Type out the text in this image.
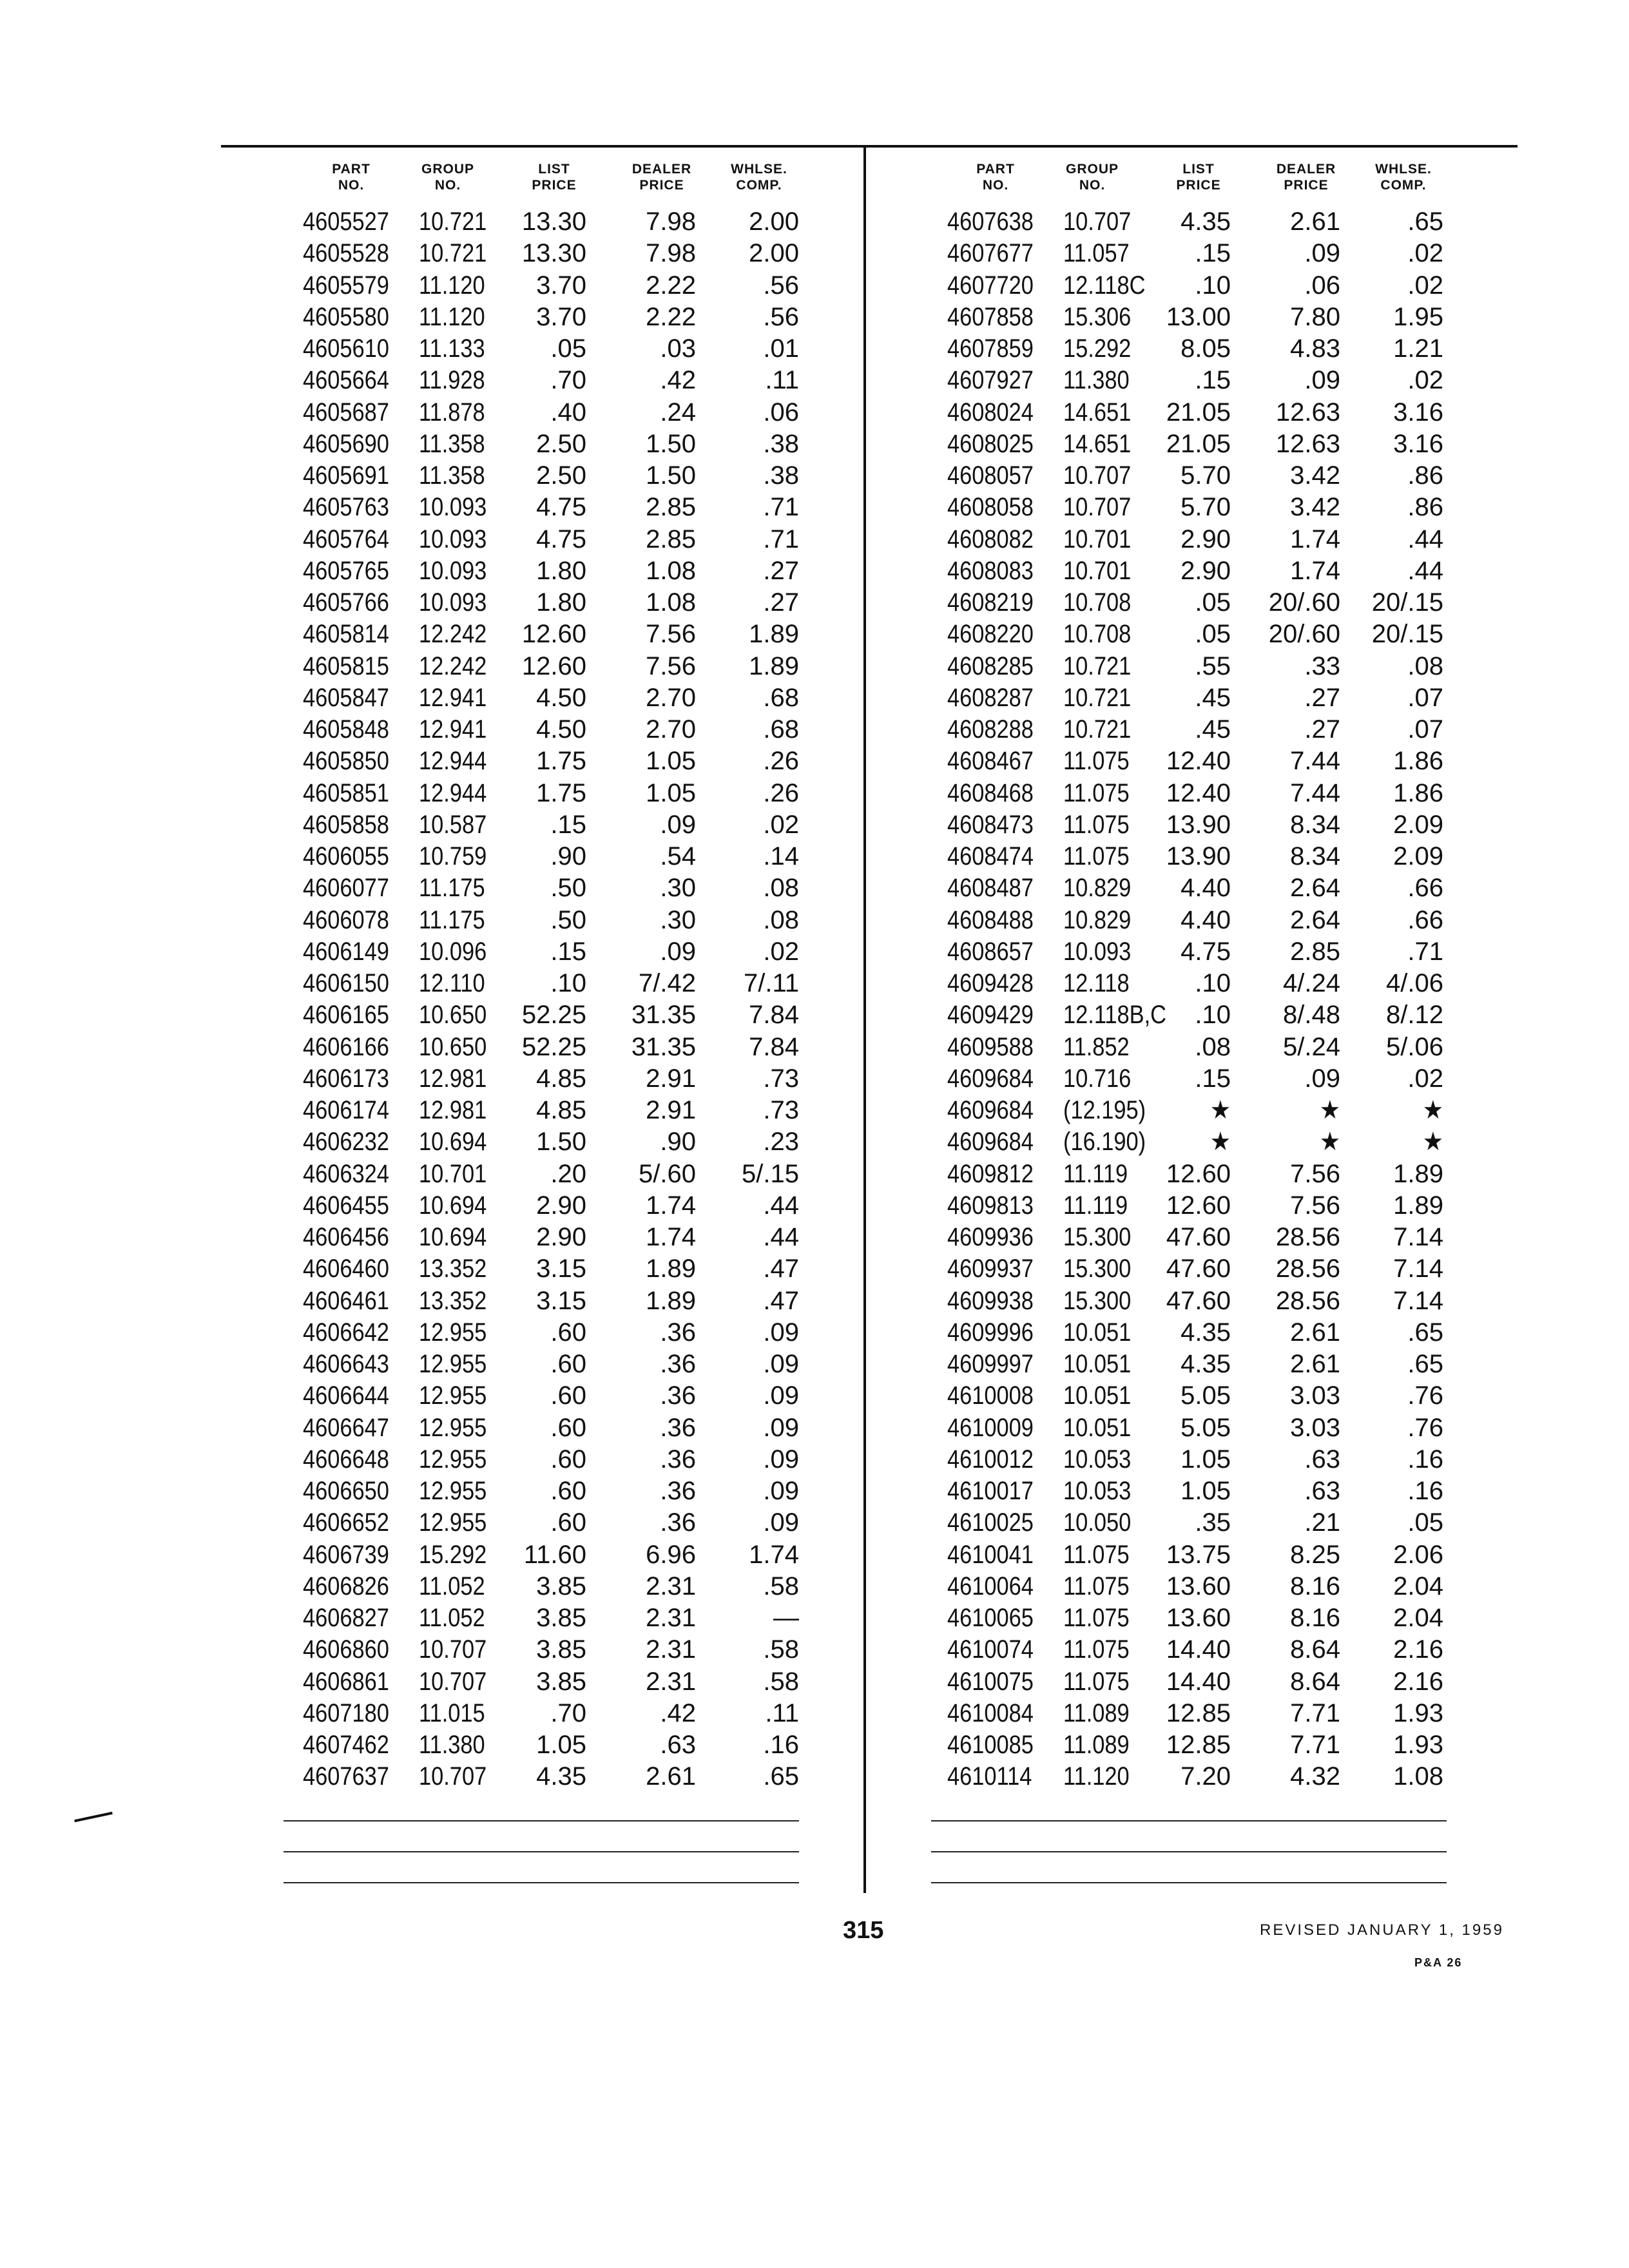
PART
NO.
GROUP
NO.
LIST
PRICE
DEALER
PRICE
WHLSE.
COMP.
4605527 10.721	13.30	7.98	2.00
4605528 10.721	13.30	7.98	2.00
4605579 11.120	3.70	2.22	.56
4605580 11.120	3.70	2.22	.56
4605610 11.133	.05	.03	.01
4605664 11.928	.70	.42	.11
4605687 11.878	.40	.24	.06
4605690 11.358	2.50	1.50	.38
4605691 11.358	2.50	1.50	.38
4605763 10.093	4.75	2.85	.71
4605764 10.093	4.75	2.85	.71
4605765 10.093	1.80	1.08	.27
4605766 10.093	1.80	1.08	.27
4605814 12.242	12.60	7.56	1.89
4605815 12.242	12.60	7.56	1.89
4605847 12.941	4.50	2.70	.68
4605848 12.941	4.50	2.70	.68
4605850 12.944	1.75	1.05	.26
4605851 12.944	1.75	1.05	.26
4605858 10.587	.15	.09	.02
4606055 10.759	.90	.54	.14
4606077 11.175	.50	.30	.08
4606078 11.175	.50	.30	.08
4606149 10.096	.15	.09	.02
4606150 12.110	.10	7/.42	7/.11
4606165 10.650	52.25	31.35	7.84
4606166 10.650	52.25	31.35	7.84
4606173 12.981	4.85	2.91	.73
4606174 12.981	4.85	2.91	.73
4606232 10.694	1.50	.90	.23
4606324 10.701	.20	5/.60	5/.15
4606455 10.694	2.90	1.74	.44
4606456 10.694	2.90	1.74	.44
4606460 13.352	3.15	1.89	.47
4606461 13.352	3.15	1.89	.47
4606642 12.955	.60	.36	.09
4606643 12.955	.60	.36	.09
4606644 12.955	.60	.36	.09
4606647 12.955	.60	.36	.09
4606648 12.955	.60	.36	.09
4606650 12.955	.60	.36	.09
4606652 12.955	.60	.36	.09
4606739 15.292	11.60	6.96	1.74
4606826 11.052	3.85	2.31	.58
4606827 11.052	3.85	2.31	—
4606860 10.707	3.85	2.31	.58
4606861 10.707	3.85	2.31	.58
4607180 11.015	.70	.42	.11
4607462 11.380	1.05	.63	.16
4607637 10.707	4.35	2.61	.65
PART
NO.
GROUP
NO.
LIST
PRICE
DEALER
PRICE
WHLSE.
COMP.
4607638 10.707	4.35	2.61	.65
4607677 11.057	.15	.09	.02
4607720 12.118C	.10	.06	.02
4607858 15.306	13.00	7.80	1.95
4607859 15.292	8.05	4.83	1.21
4607927 11.380	.15	.09	.02
4608024 14.651	21.05	12.63	3.16
4608025 14.651	21.05	12.63	3.16
4608057 10.707	5.70	3.42	.86
4608058 10.707	5.70	3.42	.86
4608082 10.701	2.90	1.74	.44
4608083 10.701	2.90	1.74	.44
4608219 10.708	.05 20/.60 20/.15
4608220 10.708	.05 20/.60 20/.15
4608285 10.721	.55	.33	.08
4608287 10.721	.45	.27	.07
4608288 10.721	.45	.27	.07
4608467 11.075	12.40	7.44	1.86
4608468 11.075	12.40	7.44	1.86
4608473 11.075	13.90	8.34	2.09
4608474 11.075	13.90	8.34	2.09
4608487 10.829	4.40	2.64	.66
4608488 10.829	4.40	2.64	.66
4608657 10.093	4.75	2.85	.71
4609428 12.118	.10	4/.24	4/.06
4609429 12.118B,C	.10	8/.48	8/.12
4609588 11.852	.08	5/.24	5/.06
4609684 10.716	.15	.09	.02
4609684 (12.195)	★	★	★
4609684 (16.190)	★	★	★
4609812 11.119	12.60	7.56	1.89
4609813 11.119	12.60	7.56	1.89
4609936 15.300	47.60	28.56	7.14
4609937 15.300	47.60	28.56	7.14
4609938 15.300	47.60	28.56	7.14
4609996 10.051	4.35	2.61	.65
4609997 10.051	4.35	2.61	.65
4610008 10.051	5.05	3.03	.76
4610009 10.051	5.05	3.03	.76
4610012 10.053	1.05	.63	.16
4610017 10.053	1.05	.63	.16
4610025 10.050	.35	.21	.05
4610041 11.075	13.75	8.25	2.06
4610064 11.075	13.60	8.16	2.04
4610065 11.075	13.60	8.16	2.04
4610074 11.075	14.40	8.64	2.16
4610075 11.075	14.40	8.64	2.16
4610084 11.089	12.85	7.71	1.93
4610085 11.089	12.85	7.71	1.93
4610114 11.120	7.20	4.32	1.08
315	REVISED JANUARY 1, 1959
P&A 26
